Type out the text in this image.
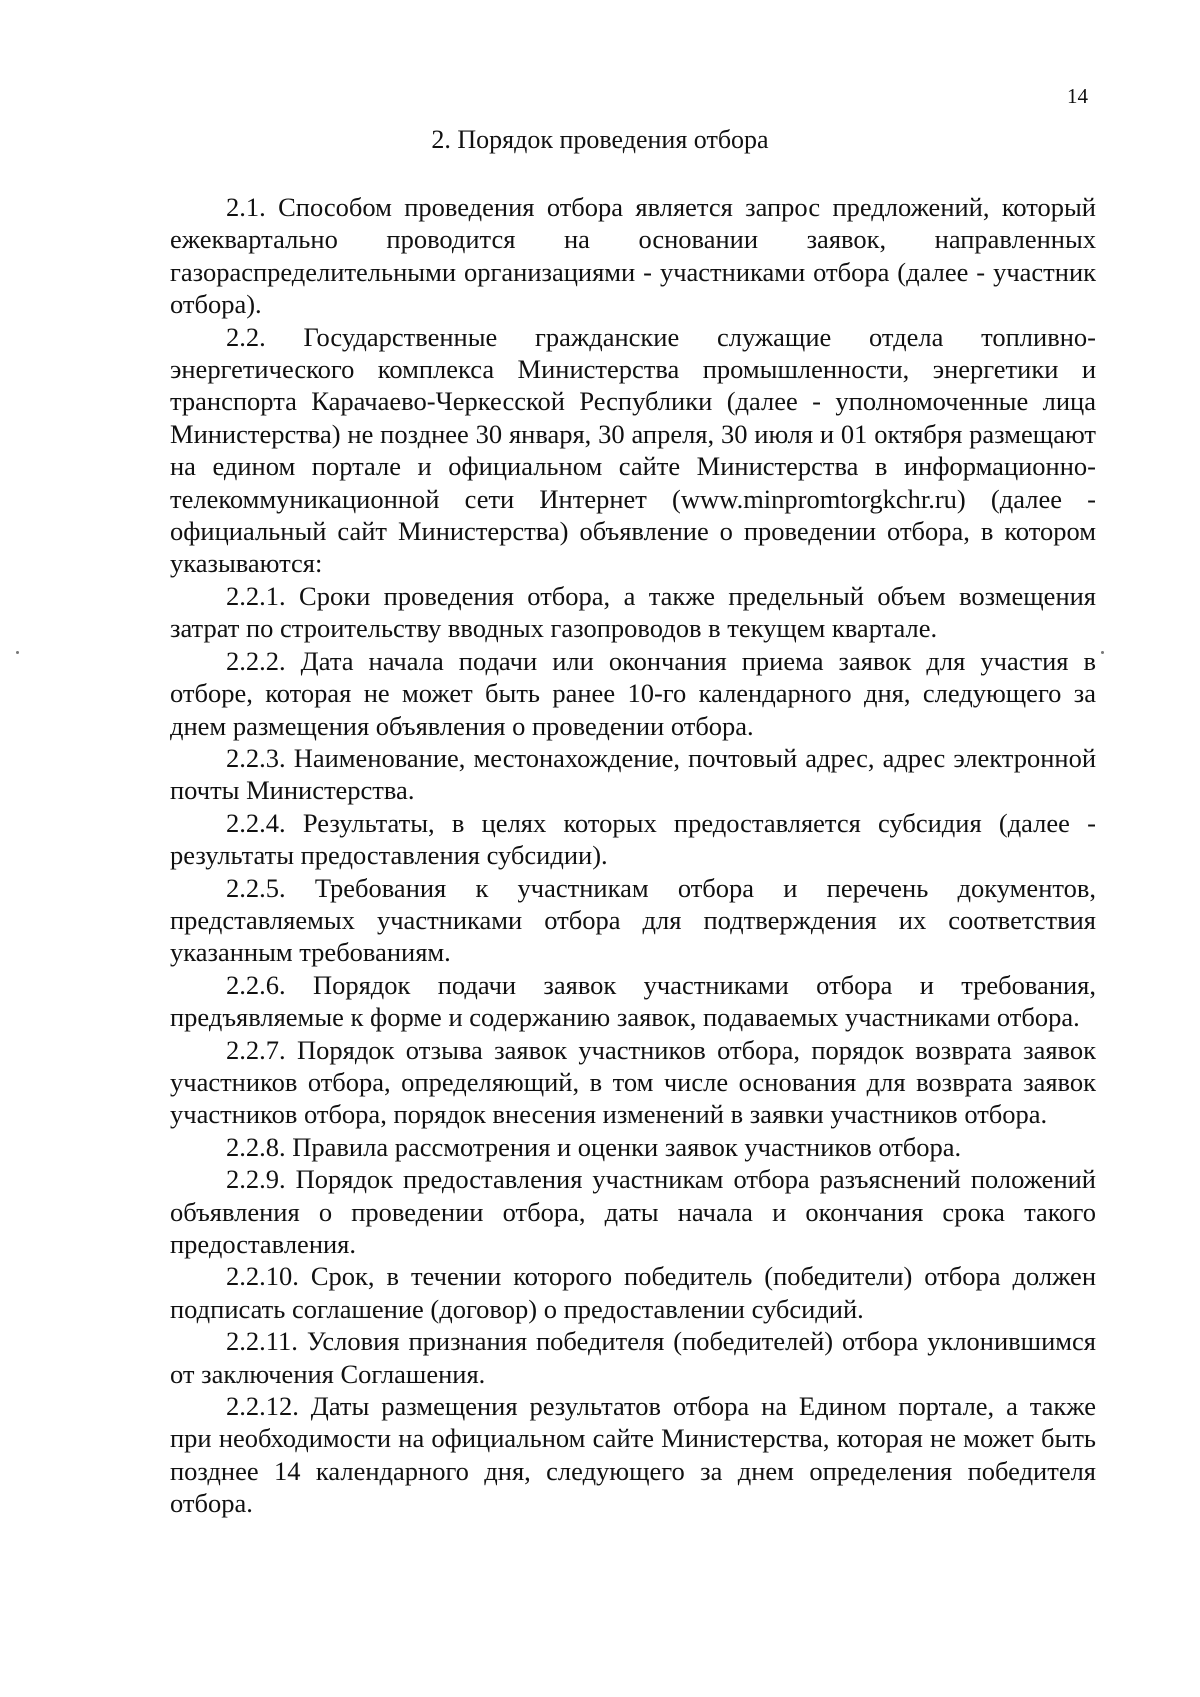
14
2. Порядок проведения отбора

2.1. Способом проведения отбора является запрос предложений, который ежеквартально проводится на основании заявок, направленных газораспределительными организациями - участниками отбора (далее - участник отбора).

2.2. Государственные гражданские служащие отдела топливно-энергетического комплекса Министерства промышленности, энергетики и транспорта Карачаево-Черкесской Республики (далее - уполномоченные лица Министерства) не позднее 30 января, 30 апреля, 30 июля и 01 октября размещают на едином портале и официальном сайте Министерства в информационно-телекоммуникационной сети Интернет (www.minpromtorgkchr.ru) (далее - официальный сайт Министерства) объявление о проведении отбора, в котором указываются:

2.2.1. Сроки проведения отбора, а также предельный объем возмещения затрат по строительству вводных газопроводов в текущем квартале.

2.2.2. Дата начала подачи или окончания приема заявок для участия в отборе, которая не может быть ранее 10-го календарного дня, следующего за днем размещения объявления о проведении отбора.

2.2.3. Наименование, местонахождение, почтовый адрес, адрес электронной почты Министерства.

2.2.4. Результаты, в целях которых предоставляется субсидия (далее - результаты предоставления субсидии).

2.2.5. Требования к участникам отбора и перечень документов, представляемых участниками отбора для подтверждения их соответствия указанным требованиям.

2.2.6. Порядок подачи заявок участниками отбора и требования, предъявляемые к форме и содержанию заявок, подаваемых участниками отбора.

2.2.7. Порядок отзыва заявок участников отбора, порядок возврата заявок участников отбора, определяющий, в том числе основания для возврата заявок участников отбора, порядок внесения изменений в заявки участников отбора.

2.2.8. Правила рассмотрения и оценки заявок участников отбора.

2.2.9. Порядок предоставления участникам отбора разъяснений положений объявления о проведении отбора, даты начала и окончания срока такого предоставления.

2.2.10. Срок, в течении которого победитель (победители) отбора должен подписать соглашение (договор) о предоставлении субсидий.

2.2.11. Условия признания победителя (победителей) отбора уклонившимся от заключения Соглашения.

2.2.12. Даты размещения результатов отбора на Едином портале, а также при необходимости на официальном сайте Министерства, которая не может быть позднее 14 календарного дня, следующего за днем определения победителя отбора.
